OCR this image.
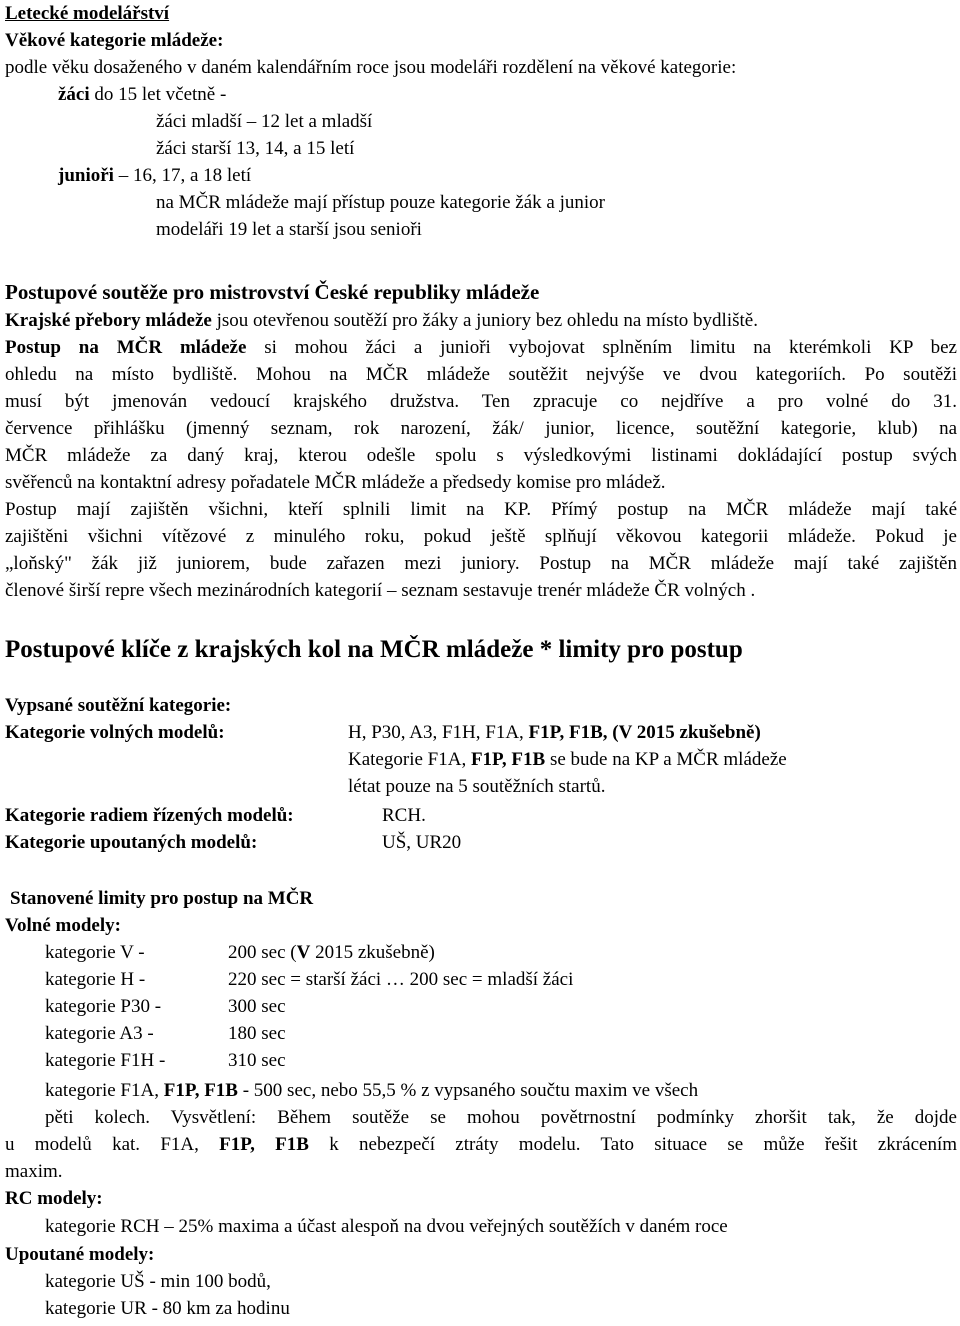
Letecké modelářství
Věkové kategorie mládeže:
podle věku dosaženého v daném kalendářním roce jsou modeláři rozdělení na věkové kategorie:
žáci do 15 let včetně -
žáci mladší – 12 let a mladší
žáci starší 13, 14, a 15 letí
junioři – 16, 17, a 18 letí
na MČR mládeže mají přístup pouze kategorie žák a junior
modeláři 19 let a starší jsou senioři
Postupové soutěže pro mistrovství České republiky mládeže
Krajské přebory mládeže jsou otevřenou soutěží pro žáky a juniory bez ohledu na místo bydliště.
Postup na MČR mládeže si mohou žáci a junioři vybojovat splněním limitu na kterémkoli KP bez
ohledu na místo bydliště. Mohou na MČR mládeže soutěžit nejvýše ve dvou kategoriích. Po soutěži
musí být jmenován vedoucí krajského družstva. Ten zpracuje co nejdříve a pro volné do 31.
července přihlášku (jmenný seznam, rok narození, žák/ junior, licence, soutěžní kategorie, klub) na
MČR mládeže za daný kraj, kterou odešle spolu s výsledkovými listinami dokládající postup svých
svěřenců na kontaktní adresy pořadatele MČR mládeže a předsedy komise pro mládež.
Postup mají zajištěn všichni, kteří splnili limit na KP. Přímý postup na MČR mládeže mají také
zajištěni všichni vítězové z minulého roku, pokud ještě splňují věkovou kategorii mládeže. Pokud je
„loňský" žák již juniorem, bude zařazen mezi juniory. Postup na MČR mládeže mají také zajištěn
členové širší repre všech mezinárodních kategorií – seznam sestavuje trenér mládeže ČR volných .
Postupové klíče z krajských kol na MČR mládeže * limity pro postup
Vypsané soutěžní kategorie:
Kategorie volných modelů:	H, P30, A3, F1H, F1A, F1P, F1B, (V 2015 zkušebně)
Kategorie F1A, F1P, F1B se bude na KP a MČR mládeže
létat pouze na 5 soutěžních startů.
Kategorie radiem řízených modelů:	RCH.
Kategorie upoutaných modelů:	UŠ, UR20
Stanovené limity pro postup na MČR
Volné modely:
kategorie V -	200 sec (V 2015 zkušebně)
kategorie H -	220 sec = starší žáci … 200 sec = mladší žáci
kategorie P30 -	300 sec
kategorie A3 -	180 sec
kategorie F1H -	310 sec
kategorie F1A, F1P, F1B - 500 sec, nebo 55,5 % z vypsaného součtu maxim ve všech
pěti kolech. Vysvětlení: Během soutěže se mohou povětrnostní podmínky zhoršit tak, že dojde
u modelů kat. F1A, F1P, F1B k nebezpečí ztráty modelu. Tato situace se může řešit zkrácením
maxim.
RC modely:
kategorie RCH – 25% maxima a účast alespoň na dvou veřejných soutěžích v daném roce
Upoutané modely:
kategorie UŠ - min 100 bodů,
kategorie UR - 80 km za hodinu
